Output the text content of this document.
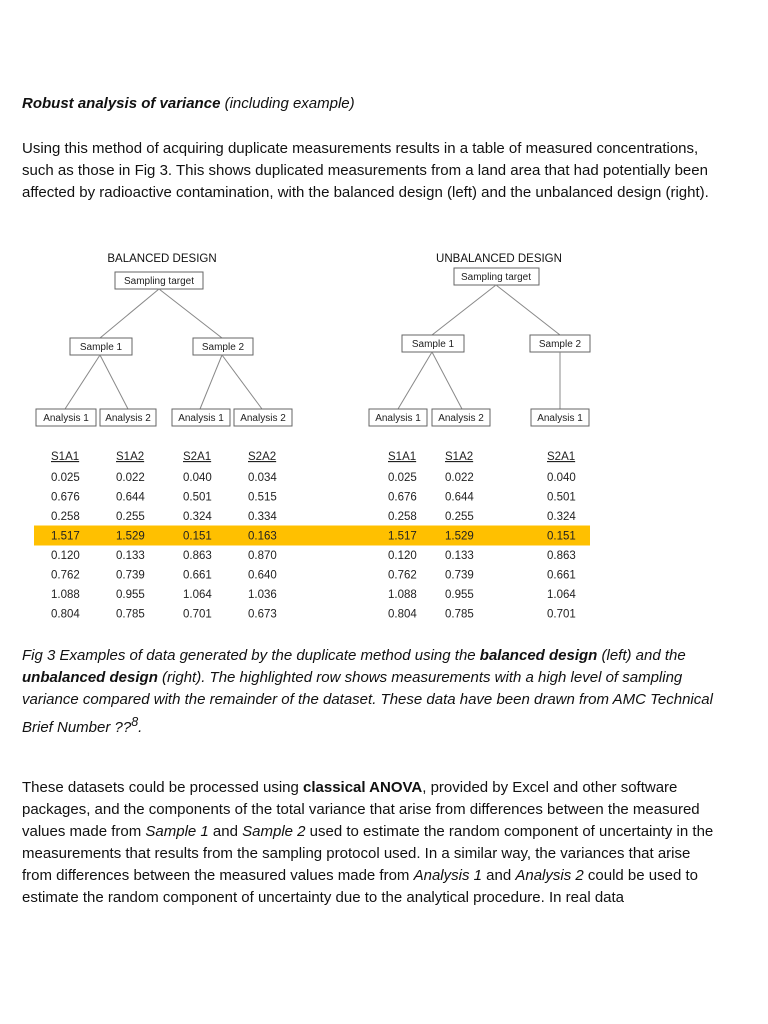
Robust analysis of variance (including example)

Using this method of acquiring duplicate measurements results in a table of measured concentrations, such as those in Fig 3. This shows duplicated measurements from a land area that had potentially been affected by radioactive contamination, with the balanced design (left) and the unbalanced design (right).

BALANCED DESIGN
Sampling target
Sample 1	Sample 2
Analysis 1 Analysis 2	Analysis 1 Analysis 2
UNBALANCED DESIGN
Sampling target
Sample 1	Sample 2
Analysis 1 Analysis 2	Analysis 1
S1A1	S1A2	S2A1	S2A2
0.025	0.022	0.040	0.034
0.676	0.644	0.501	0.515
0.258	0.255	0.324	0.334
1.517	1.529	0.151	0.163
0.120	0.133	0.863	0.870
0.762	0.739	0.661	0.640
1.088	0.955	1.064	1.036
0.804	0.785	0.701	0.673
S1A1	S1A2	S2A1
0.025 0.022	0.040
0.676 0.644	0.501
0.258 0.255	0.324
1.517 1.529	0.151
0.120 0.133	0.863
0.762 0.739	0.661
1.088 0.955	1.064
0.804 0.785	0.701

Fig 3 Examples of data generated by the duplicate method using the balanced design (left) and the unbalanced design (right). The highlighted row shows measurements with a high level of sampling variance compared with the remainder of the dataset. These data have been drawn from AMC Technical Brief Number ??$^8$.

These datasets could be processed using classical ANOVA, provided by Excel and other software packages, and the components of the total variance that arise from differences between the measured values made from Sample 1 and Sample 2 used to estimate the random component of uncertainty in the measurements that results from the sampling protocol used. In a similar way, the variances that arise from differences between the measured values made from Analysis 1 and Analysis 2 could be used to estimate the random component of uncertainty due to the analytical procedure. In real data
